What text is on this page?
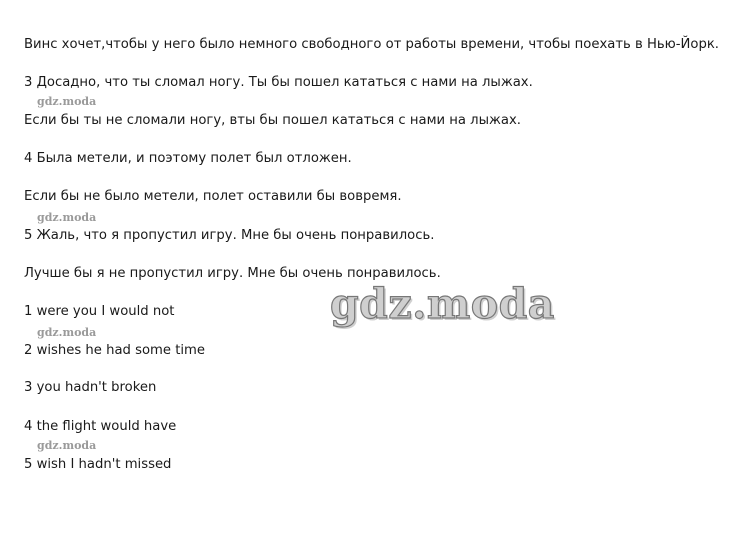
Винс хочет,чтобы у него было немного свободного от работы времени, чтобы поехать в Нью-Йорк.
3 Досадно, что ты сломал ногу. Ты бы пошел кататься с нами на лыжах.
gdz.moda
Если бы ты не сломали ногу, вты бы пошел кататься с нами на лыжах.
4 Была метели, и поэтому полет был отложен.
Если бы не было метели, полет оставили бы вовремя.
gdz.moda
5 Жаль, что я пропустил игру. Мне бы очень понравилось.
Лучше бы я не пропустил игру. Мне бы очень понравилось.
1 were you I would not
gdz.moda
2 wishes he had some time
3 you hadn't broken
4 the flight would have
gdz.moda
5 wish I hadn't missed
gdz.moda
